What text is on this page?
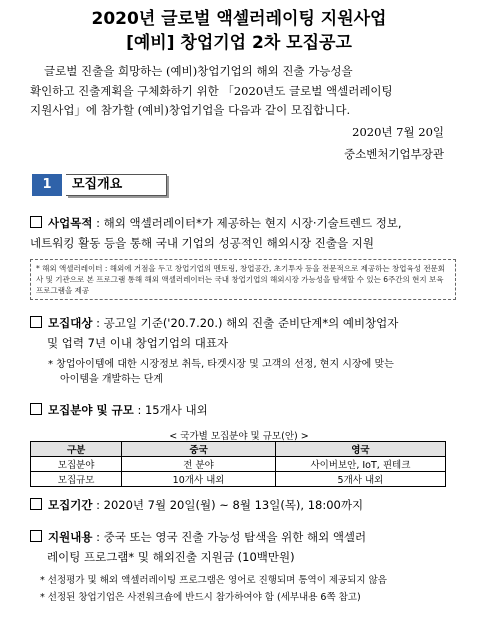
2020년 글로벌 액셀러레이팅 지원사업
[예비] 창업기업 2차 모집공고

글로벌 진출을 희망하는 (예비)창업기업의 해외 진출 가능성을

확인하고 진출계획을 구체화하기 위한 「2020년도 글로벌 액셀러레이팅

지원사업」에 참가할 (예비)창업기업을 다음과 같이 모집합니다.

2020년 7월 20일
중소벤처기업부장관
1	모집개요
사업목적 : 해외 액셀러레이터*가 제공하는 현지 시장·기술트렌드 정보,
네트워킹 활동 등을 통해 국내 기업의 성공적인 해외시장 진출을 지원
* 해외 액셀러레이터 : 해외에 거점을 두고 창업기업의 멘토링, 창업공간, 초기투자 등을 전문적으로 제공하는 창업육성 전문회사 및 기관으로 본 프로그램 통해 해외 액셀러레이터는 국내 창업기업의 해외시장 가능성을 탐색할 수 있는 6주간의 현지 보육 프로그램을 제공
모집대상 : 공고일 기준('20.7.20.) 해외 진출 준비단계*의 예비창업자
및 업력 7년 이내 창업기업의 대표자
* 창업아이템에 대한 시장정보 취득, 타겟시장 및 고객의 선정, 현지 시장에 맞는
아이템을 개발하는 단계
모집분야 및 규모 : 15개사 내외
< 국가별 모집분야 및 규모(안) >
구분	중국	영국
모집분야	전 분야	사이버보안, IoT, 핀테크
모집규모	10개사 내외	5개사 내외
모집기간 : 2020년 7월 20일(월) ~ 8월 13일(목), 18:00까지
지원내용 : 중국 또는 영국 진출 가능성 탐색을 위한 해외 액셀러
레이팅 프로그램* 및 해외진출 지원금 (10백만원)
* 선정평가 및 해외 액셀러레이팅 프로그램은 영어로 진행되며 통역이 제공되지 않음
* 선정된 창업기업은 사전워크숍에 반드시 참가하여야 함 (세부내용 6쪽 참고)
